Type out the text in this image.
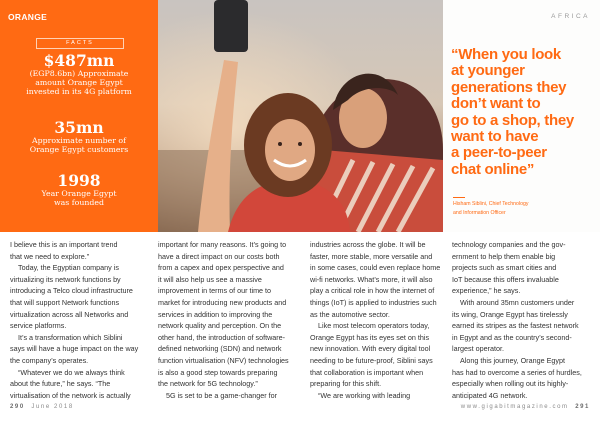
ORANGE
FACTS
$487mn
(EGP8.6bn) Approximate
amount Orange Egypt
invested in its 4G platform
35mn
Approximate number of
Orange Egypt customers
1998
Year Orange Egypt
was founded
AFRICA
“When you look
at younger
generations they
don’t want to
go to a shop, they
want to have
a peer-to-peer
chat online”
Hisham Siblini, Chief Technology
and Information Officer

I believe this is an important trend
that we need to explore.”

Today, the Egyptian company is
virtualizing its network functions by
introducing a Telco cloud infrastructure
that will support Network functions
virtualization across all Networks and
service platforms.

It’s a transformation which Siblini
says will have a huge impact on the way
the company’s operates.

“Whatever we do we always think
about the future,” he says. “The
virtualisation of the network is actually

important for many reasons. It’s going to
have a direct impact on our costs both
from a capex and opex perspective and
it will also help us see a massive
improvement in terms of our time to
market for introducing new products and
services in addition to improving the
network quality and perception. On the
other hand, the introduction of software-
defined networking (SDN) and network
function virtualisation (NFV) technologies
is also a good step towards preparing
the network for 5G technology.”

5G is set to be a game-changer for

industries across the globe. It will be
faster, more stable, more versatile and
in some cases, could even replace home
wi-fi networks. What’s more, it will also
play a critical role in how the internet of
things (IoT) is applied to industries such
as the automotive sector.

Like most telecom operators today,
Orange Egypt has its eyes set on this
new innovation. With every digital tool
needing to be future-proof, Siblini says
that collaboration is important when
preparing for this shift.

“We are working with leading

technology companies and the gov-
ernment to help them enable big
projects such as smart cities and
IoT because this offers invaluable
experience,” he says.

With around 35mn customers under
its wing, Orange Egypt has tirelessly
earned its stripes as the fastest network
in Egypt and as the country’s second-
largest operator.

Along this journey, Orange Egypt
has had to overcome a series of hurdles,
especially when rolling out its highly-
anticipated 4G network.

290 June 2018	www.gigabitmagazine.com 291
